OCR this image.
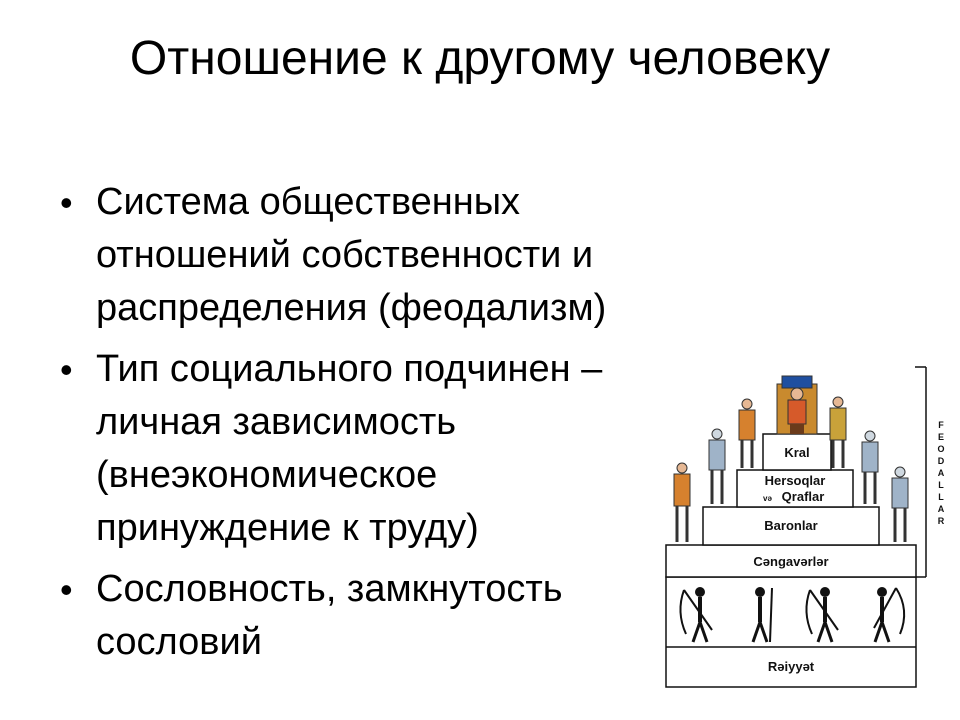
Отношение к другому человеку
• Система общественных отношений собственности и распределения (феодализм)
• Тип социального подчинен –личная зависимость (внеэкономическое принуждение к труду)
• Сословность, замкнутость сословий
F
E
O
D
A
L
L
A
R
Kral
Hersoqlar
və Qraflar
Baronlar
Cəngavərlər
Rəiyyət
